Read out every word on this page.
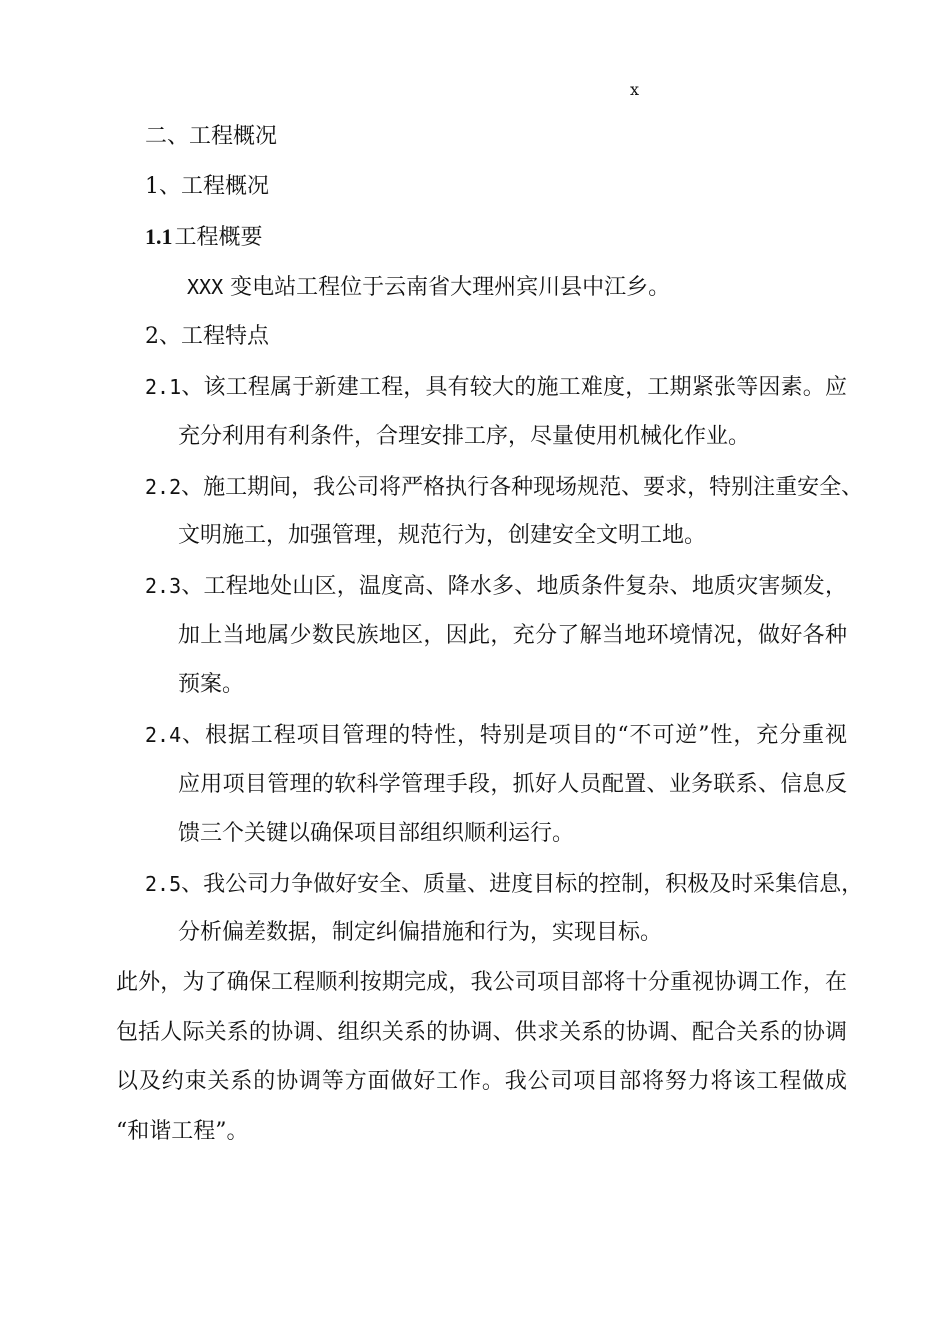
x
二、工程概况
1、工程概况
1.1工程概要
XXX 变电站工程位于云南省大理州宾川县中江乡。
2、工程特点
2.1、该工程属于新建工程，具有较大的施工难度，工期紧张等因素。应
充分利用有利条件，合理安排工序，尽量使用机械化作业。
2.2、施工期间，我公司将严格执行各种现场规范、要求，特别注重安全、
文明施工，加强管理，规范行为，创建安全文明工地。
2.3、工程地处山区，温度高、降水多、地质条件复杂、地质灾害频发，
加上当地属少数民族地区，因此，充分了解当地环境情况，做好各种
预案。
2.4、根据工程项目管理的特性，特别是项目的“不可逆”性，充分重视
应用项目管理的软科学管理手段，抓好人员配置、业务联系、信息反
馈三个关键以确保项目部组织顺利运行。
2.5、我公司力争做好安全、质量、进度目标的控制，积极及时采集信息，
分析偏差数据，制定纠偏措施和行为，实现目标。
此外，为了确保工程顺利按期完成，我公司项目部将十分重视协调工作，在
包括人际关系的协调、组织关系的协调、供求关系的协调、配合关系的协调
以及约束关系的协调等方面做好工作。我公司项目部将努力将该工程做成
“和谐工程”。
